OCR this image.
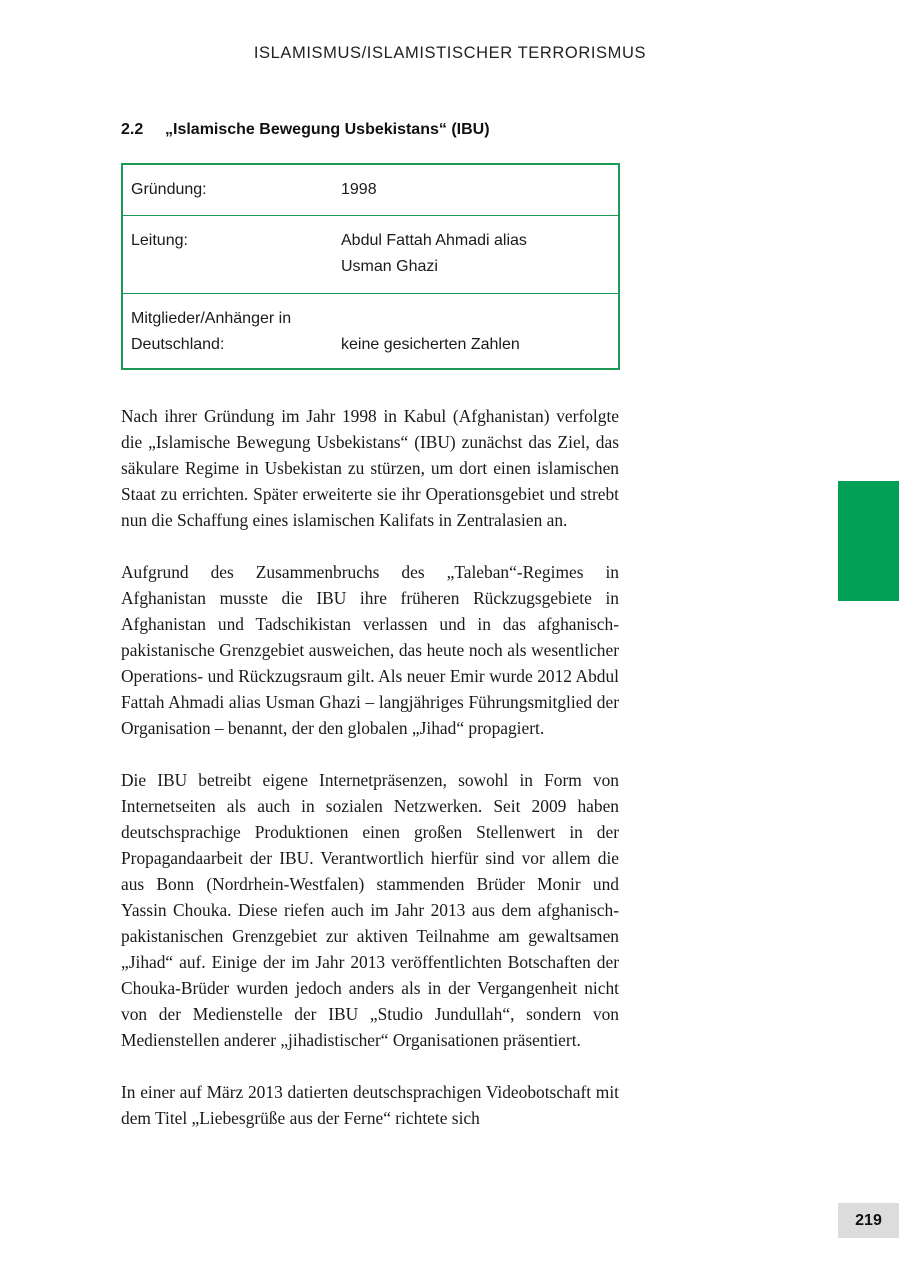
ISLAMISMUS/ISLAMISTISCHER TERRORISMUS
2.2 „Islamische Bewegung Usbekistans“ (IBU)
Gründung:	1998
Leitung:	Abdul Fattah Ahmadi alias
Usman Ghazi
Mitglieder/Anhänger in
Deutschland:	keine gesicherten Zahlen

Nach ihrer Gründung im Jahr 1998 in Kabul (Afghanistan) verfolgte die „Islamische Bewegung Usbekistans“ (IBU) zunächst das Ziel, das säkulare Regime in Usbekistan zu stürzen, um dort einen islamischen Staat zu errichten. Später erweiterte sie ihr Operationsgebiet und strebt nun die Schaffung eines islamischen Kalifats in Zentralasien an.

Aufgrund des Zusammenbruchs des „Taleban“-Regimes in Afghanistan musste die IBU ihre früheren Rückzugsgebiete in Afghanistan und Tadschikistan verlassen und in das afghanisch-pakistanische Grenzgebiet ausweichen, das heute noch als wesentlicher Operations- und Rückzugsraum gilt. Als neuer Emir wurde 2012 Abdul Fattah Ahmadi alias Usman Ghazi – langjähriges Führungsmitglied der Organisation – benannt, der den globalen „Jihad“ propagiert.

Die IBU betreibt eigene Internetpräsenzen, sowohl in Form von Internetseiten als auch in sozialen Netzwerken. Seit 2009 haben deutschsprachige Produktionen einen großen Stellenwert in der Propagandaarbeit der IBU. Verantwortlich hierfür sind vor allem die aus Bonn (Nordrhein-Westfalen) stammenden Brüder Monir und Yassin Chouka. Diese riefen auch im Jahr 2013 aus dem afghanisch-pakistanischen Grenzgebiet zur aktiven Teilnahme am gewaltsamen „Jihad“ auf. Einige der im Jahr 2013 veröffentlichten Botschaften der Chouka-Brüder wurden jedoch anders als in der Vergangenheit nicht von der Medienstelle der IBU „Studio Jundullah“, sondern von Medienstellen anderer „jihadistischer“ Organisationen präsentiert.

In einer auf März 2013 datierten deutschsprachigen Videobotschaft mit dem Titel „Liebesgrüße aus der Ferne“ richtete sich

219
